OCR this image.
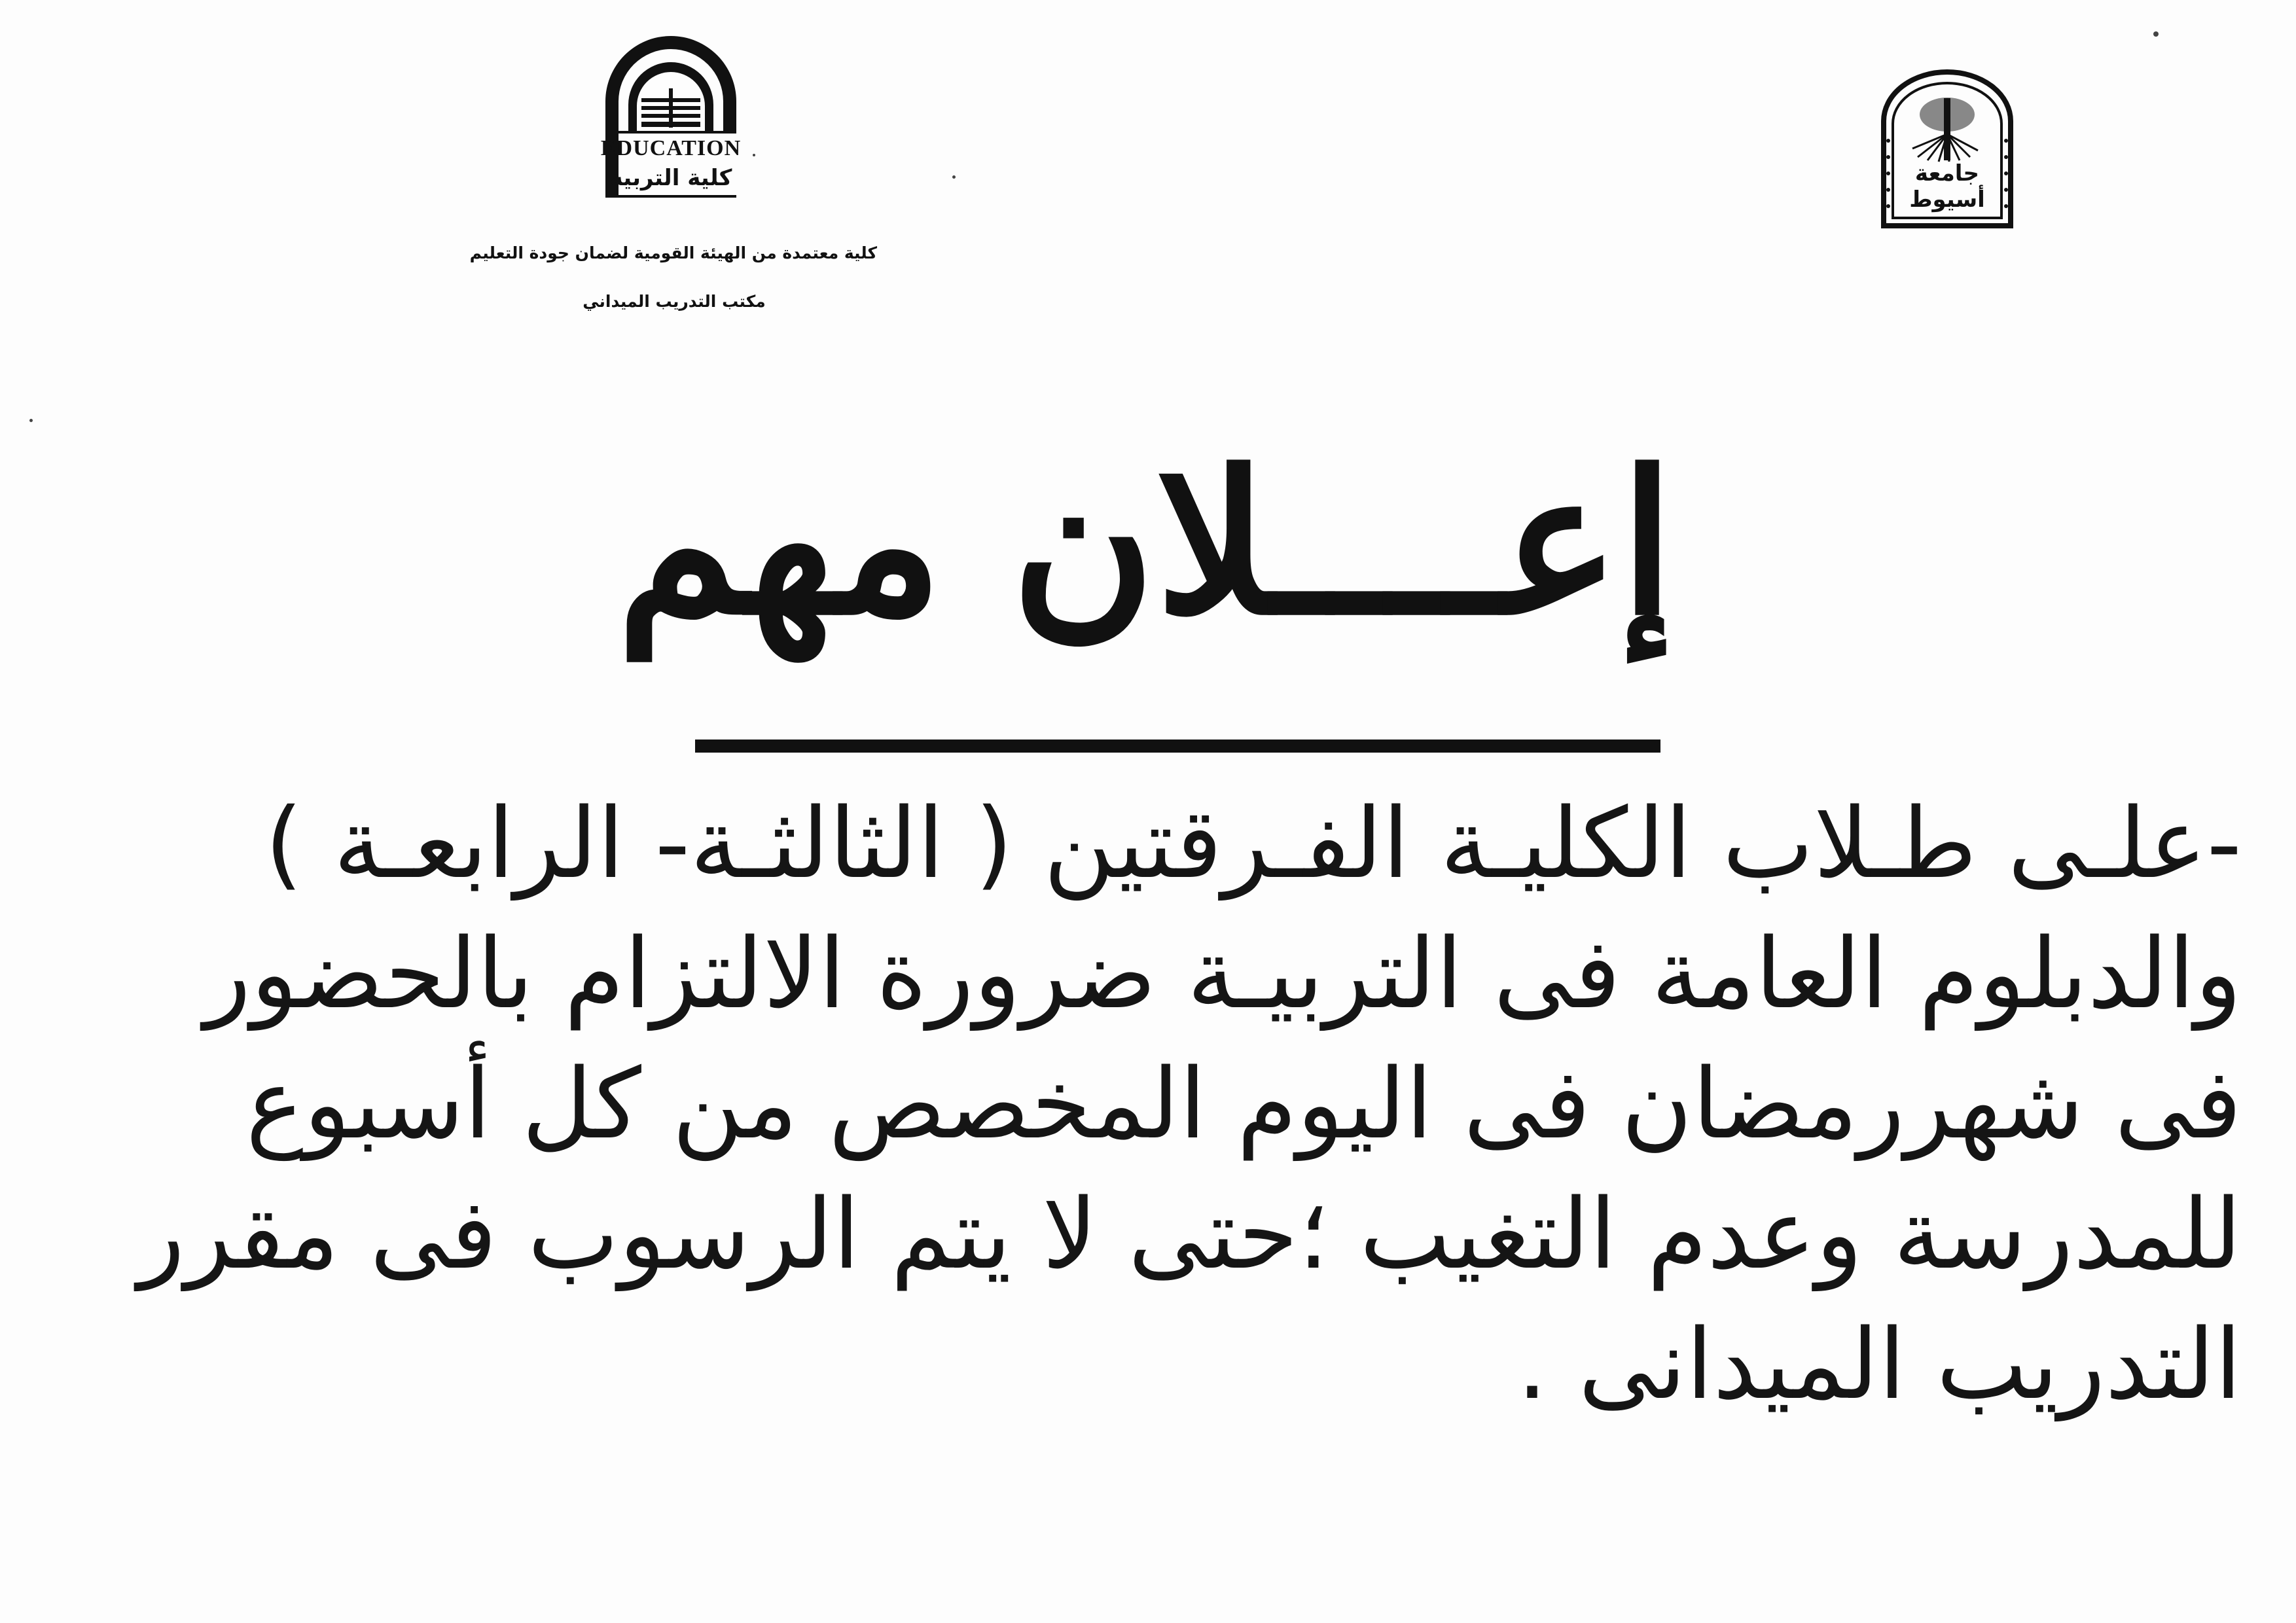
EDUCATION
كلية التربية
كلية معتمدة من الهيئة القومية لضمان جودة التعليم
مكتب التدريب الميداني
جامعة
أسيوط
إعــــلان مهم
-علـى طـلاب الكليـة الفـرقتين ( الثالثـة- الرابعـة )
والدبلوم العامة فى التربيـة ضرورة الالتزام بالحضور
فى شهررمضان فى اليوم المخصص من كل أسبوع
للمدرسة وعدم التغيب ؛حتى لا يتم الرسوب فى مقرر
التدريب الميدانى .
